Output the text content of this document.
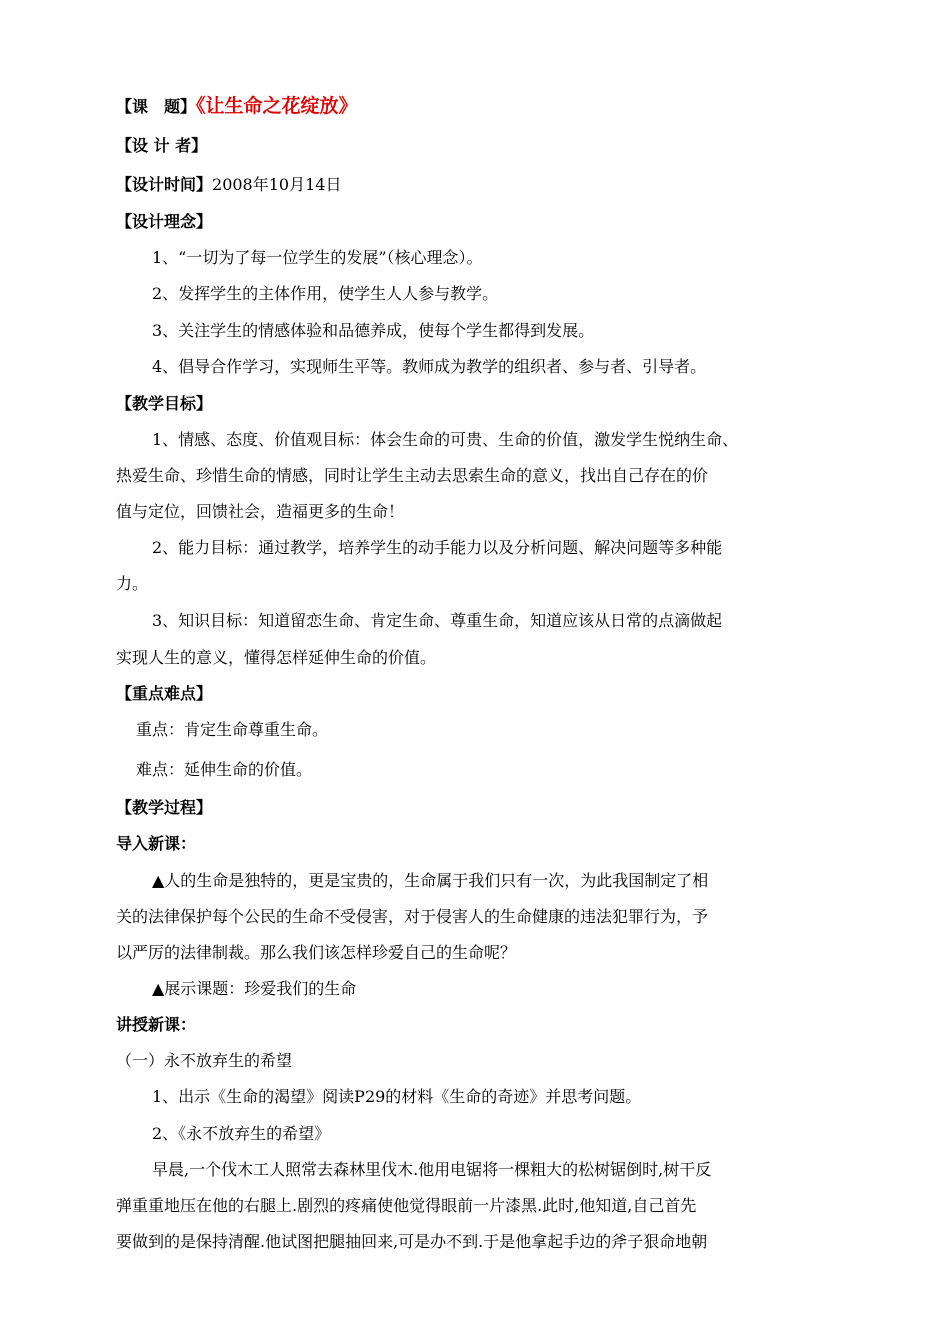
【课　题】《让生命之花绽放》
【设 计 者】
【设计时间】2008年10月14日
【设计理念】
1、“一切为了每一位学生的发展”（核心理念）。
2、发挥学生的主体作用，使学生人人参与教学。
3、关注学生的情感体验和品德养成，使每个学生都得到发展。
4、倡导合作学习，实现师生平等。教师成为教学的组织者、参与者、引导者。
【教学目标】
1、情感、态度、价值观目标：体会生命的可贵、生命的价值，激发学生悦纳生命、
热爱生命、珍惜生命的情感，同时让学生主动去思索生命的意义，找出自己存在的价
值与定位，回馈社会，造福更多的生命！
2、能力目标：通过教学，培养学生的动手能力以及分析问题、解决问题等多种能
力。
3、知识目标：知道留恋生命、肯定生命、尊重生命，知道应该从日常的点滴做起
实现人生的意义，懂得怎样延伸生命的价值。
【重点难点】
重点：肯定生命尊重生命。
难点：延伸生命的价值。
【教学过程】
导入新课：
▲人的生命是独特的，更是宝贵的，生命属于我们只有一次，为此我国制定了相
关的法律保护每个公民的生命不受侵害，对于侵害人的生命健康的违法犯罪行为，予
以严厉的法律制裁。那么我们该怎样珍爱自己的生命呢？
▲展示课题：珍爱我们的生命
讲授新课：
（一）永不放弃生的希望
1、出示《生命的渴望》阅读P29的材料《生命的奇迹》并思考问题。
2、《永不放弃生的希望》
早晨,一个伐木工人照常去森林里伐木.他用电锯将一棵粗大的松树锯倒时,树干反
弹重重地压在他的右腿上.剧烈的疼痛使他觉得眼前一片漆黑.此时,他知道,自己首先
要做到的是保持清醒.他试图把腿抽回来,可是办不到.于是他拿起手边的斧子狠命地朝
